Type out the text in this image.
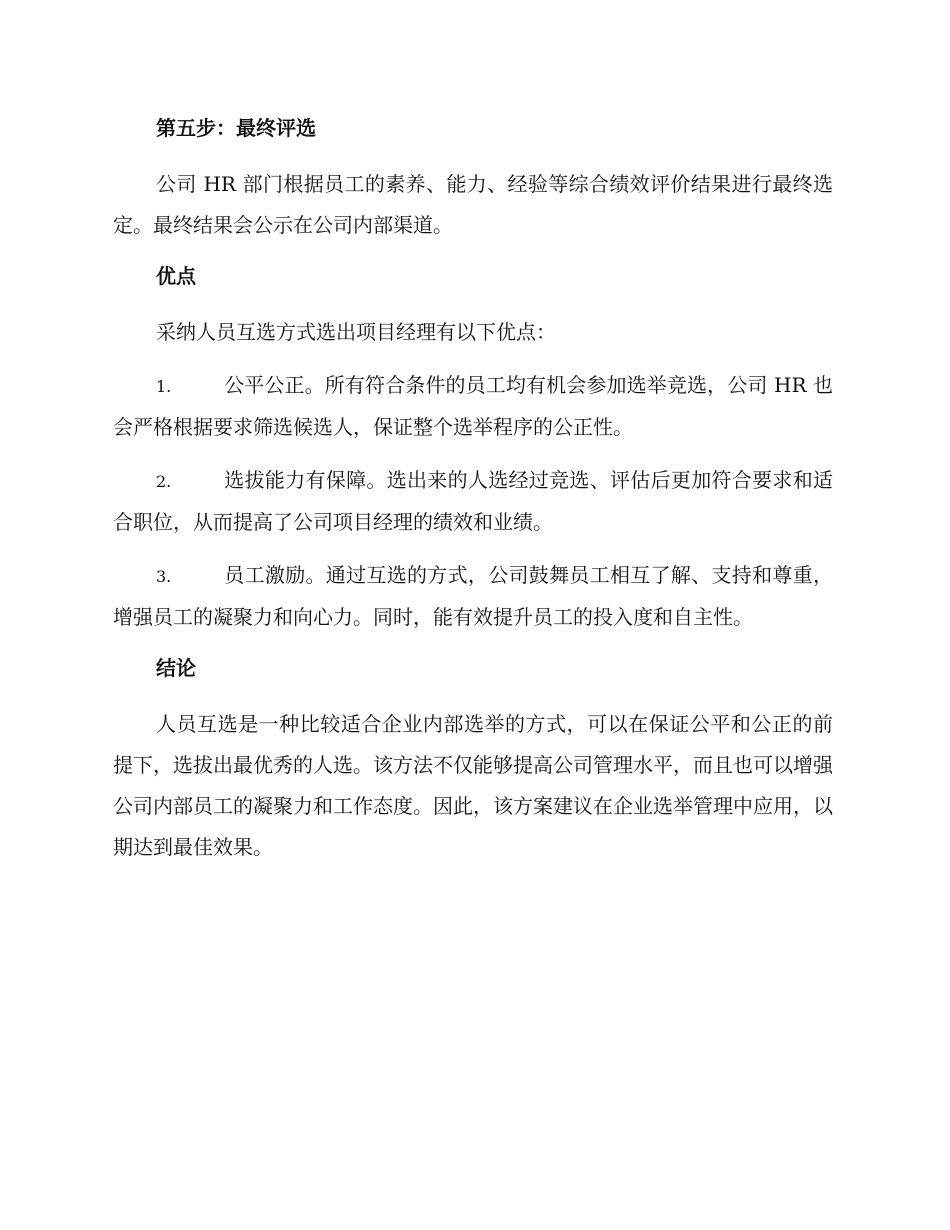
第五步：最终评选

公司 HR 部门根据员工的素养、能力、经验等综合绩效评价结果进行最终选定。最终结果会公示在公司内部渠道。

优点

采纳人员互选方式选出项目经理有以下优点：

1.	公平公正。所有符合条件的员工均有机会参加选举竞选，公司 HR 也会严格根据要求筛选候选人，保证整个选举程序的公正性。

2.	选拔能力有保障。选出来的人选经过竞选、评估后更加符合要求和适合职位，从而提高了公司项目经理的绩效和业绩。

3.	员工激励。通过互选的方式，公司鼓舞员工相互了解、支持和尊重，增强员工的凝聚力和向心力。同时，能有效提升员工的投入度和自主性。

结论

人员互选是一种比较适合企业内部选举的方式，可以在保证公平和公正的前提下，选拔出最优秀的人选。该方法不仅能够提高公司管理水平，而且也可以增强公司内部员工的凝聚力和工作态度。因此，该方案建议在企业选举管理中应用，以期达到最佳效果。
